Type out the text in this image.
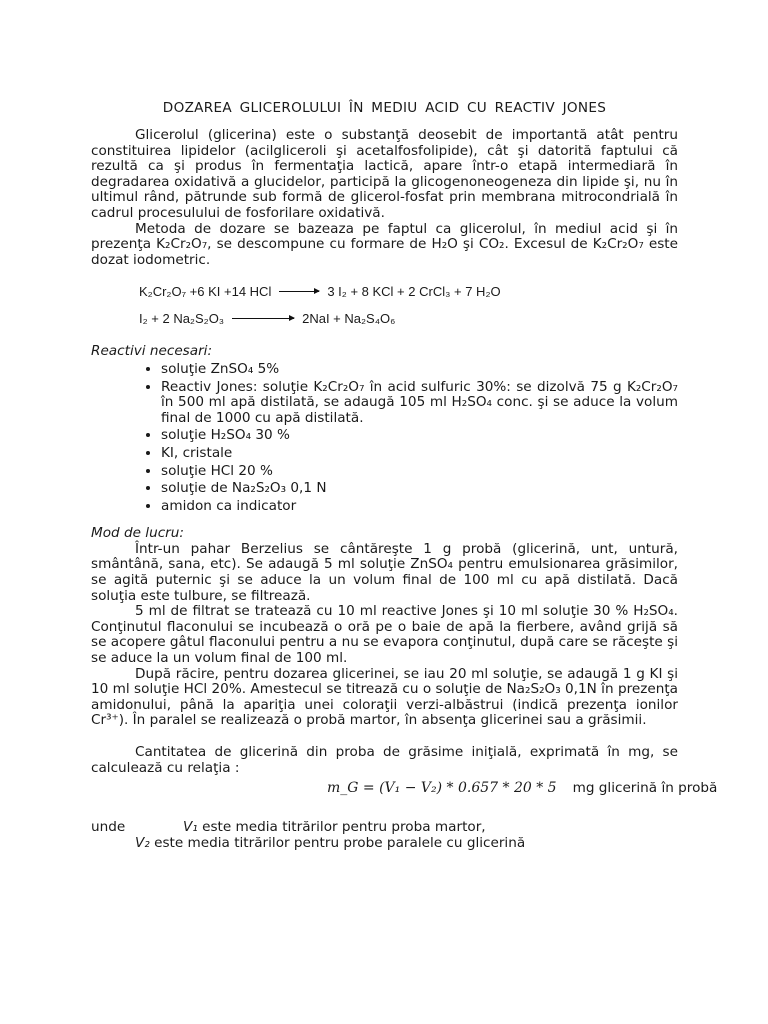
DOZAREA GLICEROLULUI ÎN MEDIU ACID CU REACTIV JONES

Glicerolul (glicerina) este o substanţă deosebit de importantă atât pentru constituirea lipidelor (acilgliceroli şi acetalfosfolipide), cât şi datorită faptului că rezultă ca şi produs în fermentaţia lactică, apare într-o etapă intermediară în degradarea oxidativă a glucidelor, participă la glicogenoneogeneza din lipide şi, nu în ultimul rând, pătrunde sub formă de glicerol-fosfat prin membrana mitrocondrială în cadrul procesulului de fosforilare oxidativă.

Metoda de dozare se bazeaza pe faptul ca glicerolul, în mediul acid şi în prezenţa K₂Cr₂O₇, se descompune cu formare de H₂O şi CO₂. Excesul de K₂Cr₂O₇ este dozat iodometric.

K₂Cr₂O₇ +6 KI +14 HCl → 3 I₂ + 8 KCl + 2 CrCl₃ + 7 H₂O
I₂ + 2 Na₂S₂O₃	2NaI + Na₂S₄O₆
Reactivi necesari:
• soluţie ZnSO₄ 5%
• Reactiv Jones: soluţie K₂Cr₂O₇ în acid sulfuric 30%: se dizolvă 75 g K₂Cr₂O₇ în 500 ml apă distilată, se adaugă 105 ml H₂SO₄ conc. şi se aduce la volum final de 1000 cu apă distilată.
• soluţie H₂SO₄ 30 %
• KI, cristale
• soluţie HCl 20 %
• soluţie de Na₂S₂O₃ 0,1 N
• amidon ca indicator
Mod de lucru:

Într-un pahar Berzelius se cântăreşte 1 g probă (glicerină, unt, untură, smântână, sana, etc). Se adaugă 5 ml soluţie ZnSO₄ pentru emulsionarea grăsimilor, se agită puternic şi se aduce la un volum final de 100 ml cu apă distilată. Dacă soluţia este tulbure, se filtrează.

5 ml de filtrat se tratează cu 10 ml reactive Jones şi 10 ml soluţie 30 % H₂SO₄. Conţinutul flaconului se incubează o oră pe o baie de apă la fierbere, având grijă să se acopere gâtul flaconului pentru a nu se evapora conţinutul, după care se răceşte şi se aduce la un volum final de 100 ml.

După răcire, pentru dozarea glicerinei, se iau 20 ml soluţie, se adaugă 1 g KI şi 10 ml soluţie HCl 20%. Amestecul se titrează cu o soluţie de Na₂S₂O₃ 0,1N în prezenţa amidonului, până la apariţia unei coloraţii verzi-albăstrui (indică prezenţa ionilor Cr³⁺). În paralel se realizează o probă martor, în absenţa glicerinei sau a grăsimii.

Cantitatea de glicerină din proba de grăsime iniţială, exprimată în mg, se calculează cu relaţia :

m_G = (V₁ − V₂) * 0.657 * 20 * 5 mg glicerină în probă
unde	V₁ este media titrărilor pentru proba martor,
V₂ este media titrărilor pentru probe paralele cu glicerină
